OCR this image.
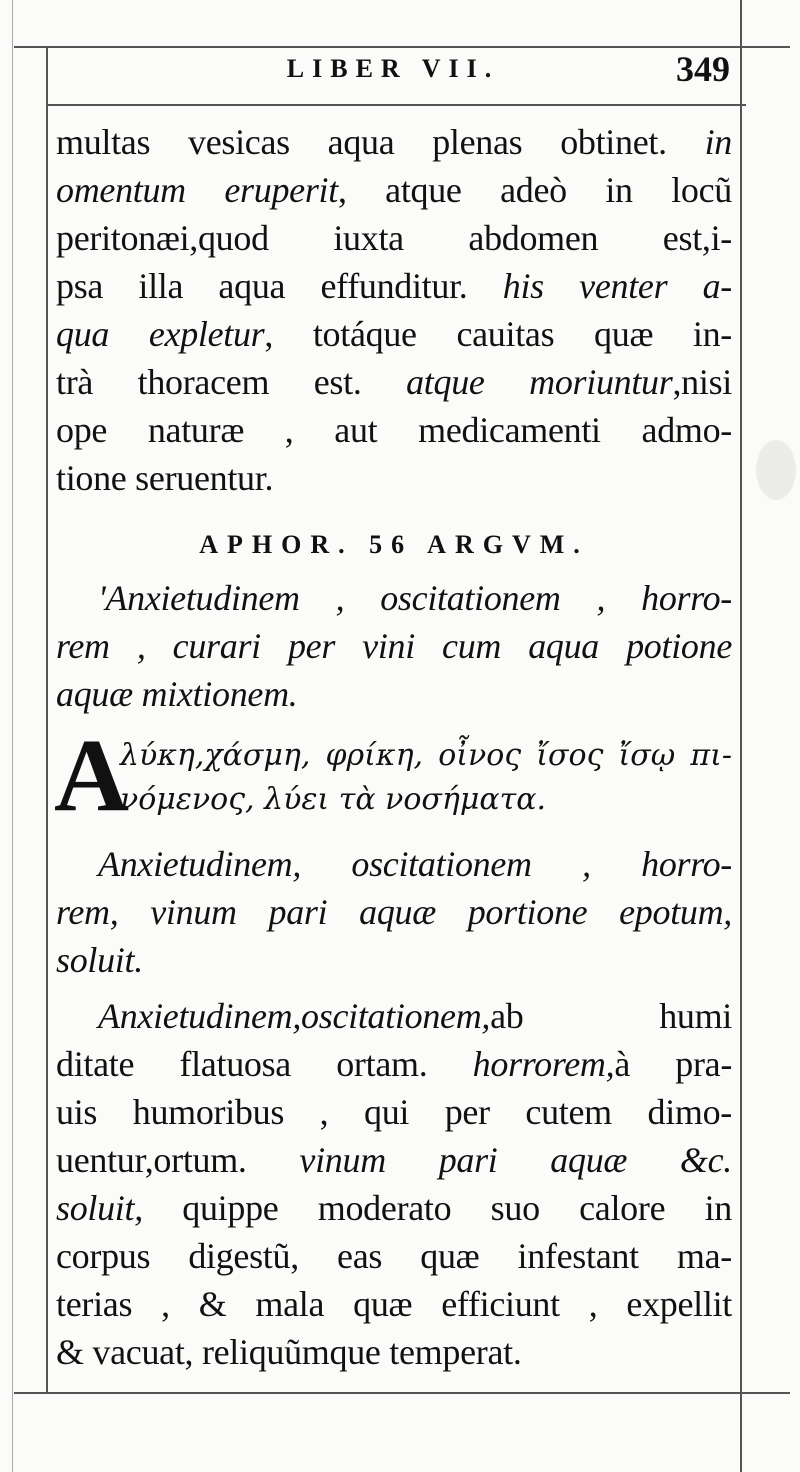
LIBER VII.	349
multas vesicas aqua plenas obtinet. in
omentum eruperit, atque adeò in locũ
peritonæi,quod iuxta abdomen est,i-
psa illa aqua effunditur. his venter a-
qua expletur, totáque cauitas quæ in-
trà thoracem est. atque moriuntur,nisi
ope naturæ , aut medicamenti admo-
tione seruentur.
APHOR. 56 ARGVM.
'Anxietudinem , oscitationem , horro-
rem , curari per vini cum aqua potione
aquæ mixtionem.
A
λύκη,χάσμη, φρίκη, οἶνος ἴσος ἴσῳ πι-
νόμενος, λύει τὰ νοσήματα.
Anxietudinem, oscitationem , horro-
rem, vinum pari aquæ portione epotum,
soluit.
Anxietudinem,oscitationem,ab humi
ditate flatuosa ortam. horrorem,à pra-
uis humoribus , qui per cutem dimo-
uentur,ortum. vinum pari aquæ &c.
soluit, quippe moderato suo calore in
corpus digestũ, eas quæ infestant ma-
terias , & mala quæ efficiunt , expellit
& vacuat, reliquũmque temperat.
